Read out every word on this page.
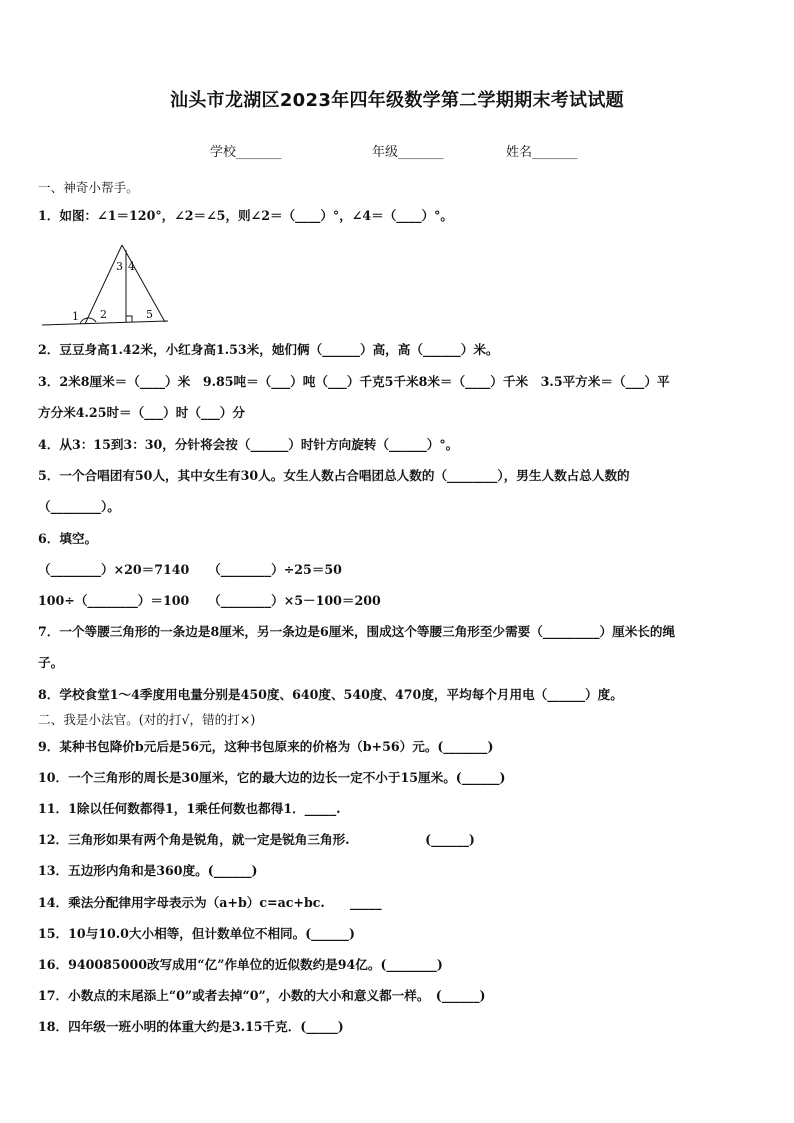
汕头市龙湖区2023年四年级数学第二学期期末考试试题
学校_______	年级_______	姓名_______
一、神奇小帮手。
1．如图：∠1＝120°，∠2＝∠5，则∠2＝（____）°，∠4＝（____）°。
1 2
3 4
5
2．豆豆身高1.42米，小红身高1.53米，她们俩（______）高，高（______）米。
3．2米8厘米＝（____）米　9.85吨＝（___）吨（___）千克5千米8米＝（____）千米　3.5平方米＝（___）平
方分米4.25时＝（___）时（___）分
4．从3：15到3：30，分针将会按（______）时针方向旋转（______）°。
5．一个合唱团有50人，其中女生有30人。女生人数占合唱团总人数的（________），男生人数占总人数的
（________）。
6．填空。
（________）×20＝7140　　（________）÷25＝50
100÷（________）＝100　　（________）×5－100＝200
7．一个等腰三角形的一条边是8厘米，另一条边是6厘米，围成这个等腰三角形至少需要（_________）厘米长的绳
子。
8．学校食堂1～4季度用电量分别是450度、640度、540度、470度，平均每个月用电（______）度。
二、我是小法官。(对的打√，错的打×)
9．某种书包降价b元后是56元，这种书包原来的价格为（b+56）元。(_______)
10．一个三角形的周长是30厘米，它的最大边的边长一定不小于15厘米。(______)
11．1除以任何数都得1，1乘任何数也都得1．_____.
12．三角形如果有两个角是锐角，就一定是锐角三角形.　　　　　　(______)
13．五边形内角和是360度。(______)
14．乘法分配律用字母表示为（a+b）c=ac+bc.　　_____
15．10与10.0大小相等，但计数单位不相同。(______)
16．940085000改写成用“亿”作单位的近似数约是94亿。(________)
17．小数点的末尾添上“0”或者去掉“0”，小数的大小和意义都一样。　(______)
18．四年级一班小明的体重大约是3.15千克．(_____)
